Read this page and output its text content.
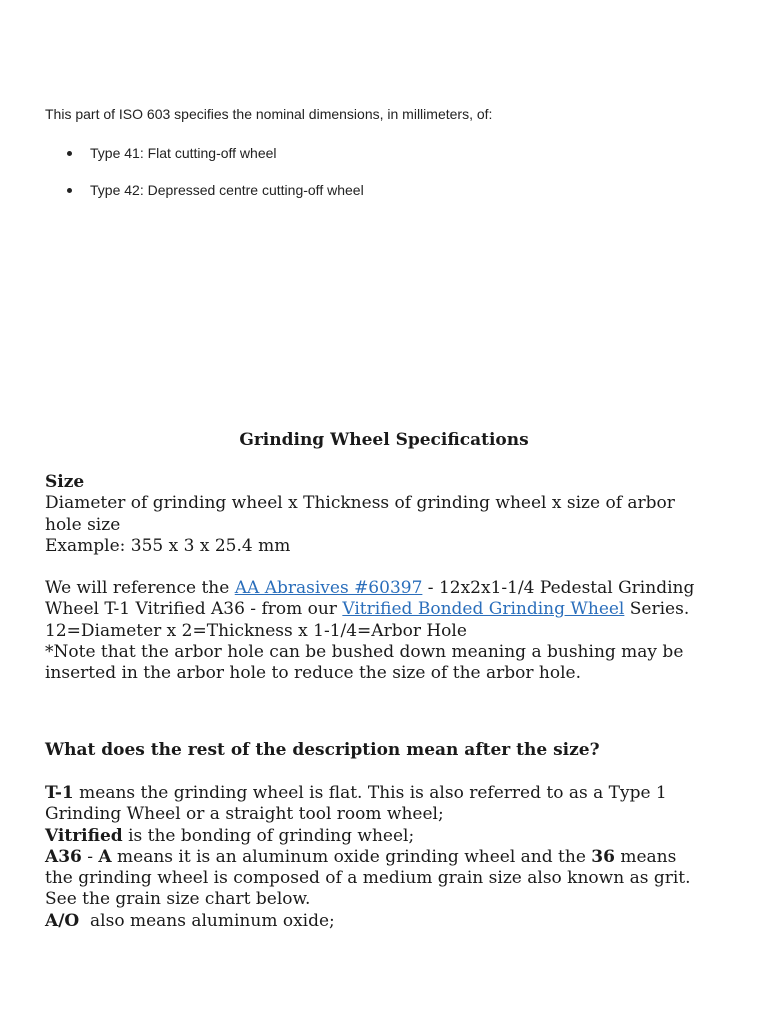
This part of ISO 603 specifies the nominal dimensions, in millimeters, of:

Type 41: Flat cutting-off wheel
Type 42: Depressed centre cutting-off wheel
Grinding Wheel Specifications

Size

Diameter of grinding wheel x Thickness of grinding wheel x size of arbor

hole size

Example: 355 x 3 x 25.4 mm

We will reference the AA Abrasives #60397 - 12x2x1-1/4 Pedestal Grinding

Wheel T-1 Vitrified A36 - from our Vitrified Bonded Grinding Wheel Series.

12=Diameter x 2=Thickness x 1-1/4=Arbor Hole

*Note that the arbor hole can be bushed down meaning a bushing may be

inserted in the arbor hole to reduce the size of the arbor hole.

What does the rest of the description mean after the size?

T-1 means the grinding wheel is flat. This is also referred to as a Type 1

Grinding Wheel or a straight tool room wheel;

Vitrified is the bonding of grinding wheel;

A36 - A means it is an aluminum oxide grinding wheel and the 36 means

the grinding wheel is composed of a medium grain size also known as grit.

See the grain size chart below.

A/O  also means aluminum oxide;
